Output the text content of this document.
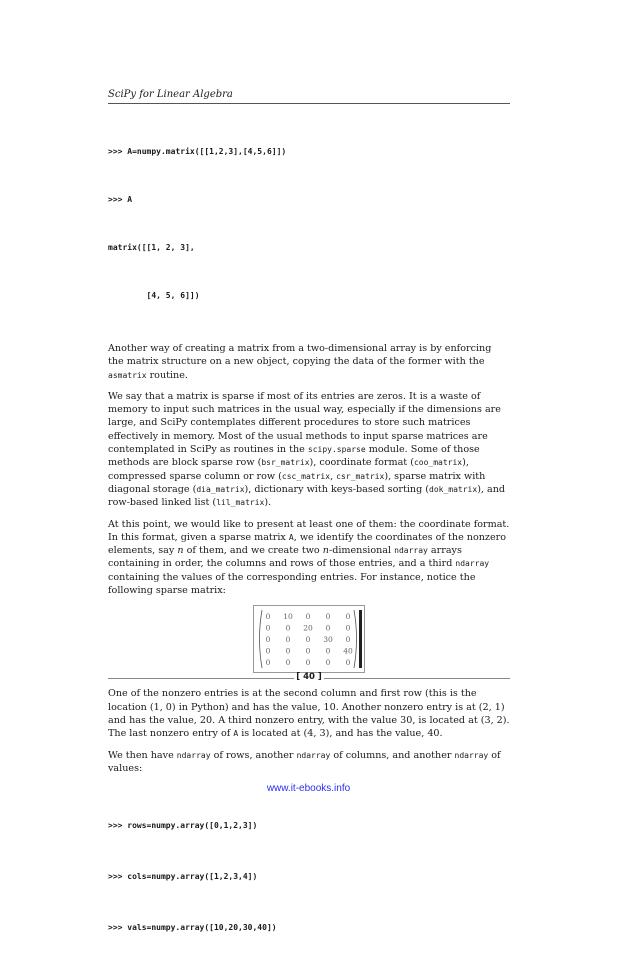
SciPy for Linear Algebra

>>> A=numpy.matrix([[1,2,3],[4,5,6]])

>>> A

matrix([[1, 2, 3],

[4, 5, 6]])

Another way of creating a matrix from a two-dimensional array is by enforcing the matrix structure on a new object, copying the data of the former with the asmatrix routine.

We say that a matrix is sparse if most of its entries are zeros. It is a waste of memory to input such matrices in the usual way, especially if the dimensions are large, and SciPy contemplates different procedures to store such matrices effectively in memory. Most of the usual methods to input sparse matrices are contemplated in SciPy as routines in the scipy.sparse module. Some of those methods are block sparse row (bsr_matrix), coordinate format (coo_matrix), compressed sparse column or row (csc_matrix, csr_matrix), sparse matrix with diagonal storage (dia_matrix), dictionary with keys-based sorting (dok_matrix), and row-based linked list (lil_matrix).

At this point, we would like to present at least one of them: the coordinate format. In this format, given a sparse matrix A, we identify the coordinates of the nonzero elements, say n of them, and we create two n-dimensional ndarray arrays containing in order, the columns and rows of those entries, and a third ndarray containing the values of the corresponding entries. For instance, notice the following sparse matrix:

0 10 0 0 0
0 0 20 0 0
0 0 0 30 0
0 0 0 0 40
0 0 0 0 0

One of the nonzero entries is at the second column and first row (this is the location (1, 0) in Python) and has the value, 10. Another nonzero entry is at (2, 1) and has the value, 20. A third nonzero entry, with the value 30, is located at (3, 2). The last nonzero entry of A is located at (4, 3), and has the value, 40.

We then have ndarray of rows, another ndarray of columns, and another ndarray of values:

>>> rows=numpy.array([0,1,2,3])

>>> cols=numpy.array([1,2,3,4])

>>> vals=numpy.array([10,20,30,40])

[ 40 ]
www.it-ebooks.info
